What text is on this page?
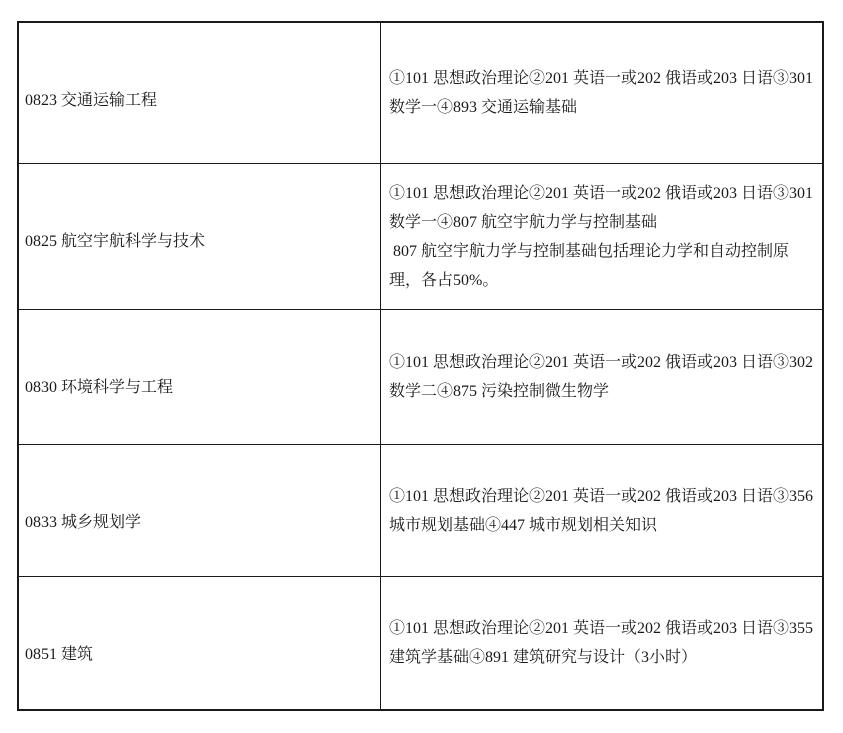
0823 交通运输工程

①101 思想政治理论②201 英语一或202 俄语或203 日语③301 数学一④893 交通运输基础

0825 航空宇航科学与技术

①101 思想政治理论②201 英语一或202 俄语或203 日语③301 数学一④807 航空宇航力学与控制基础
807 航空宇航力学与控制基础包括理论力学和自动控制原理，各占50%。

0830 环境科学与工程

①101 思想政治理论②201 英语一或202 俄语或203 日语③302 数学二④875 污染控制微生物学

0833 城乡规划学

①101 思想政治理论②201 英语一或202 俄语或203 日语③356 城市规划基础④447 城市规划相关知识

0851 建筑

①101 思想政治理论②201 英语一或202 俄语或203 日语③355 建筑学基础④891 建筑研究与设计（3小时）
